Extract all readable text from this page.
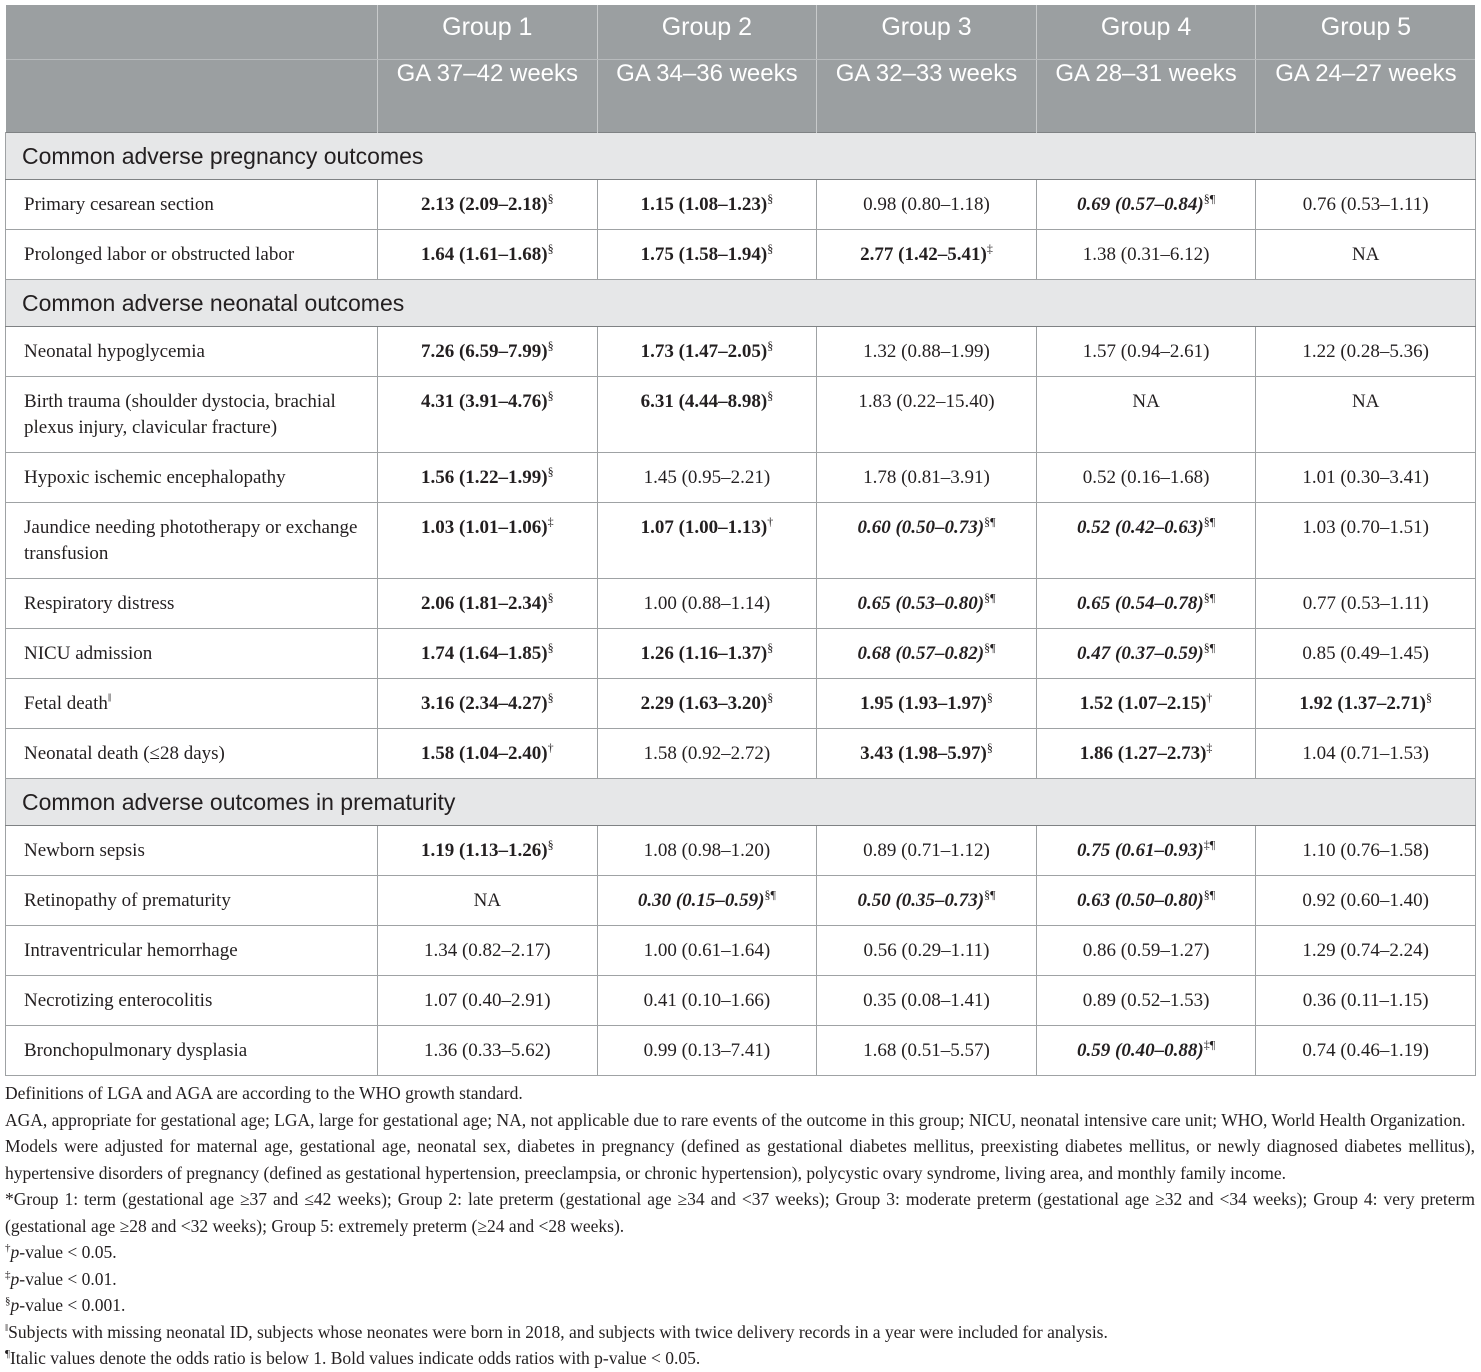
	Group 1	Group 2	Group 3	Group 4	Group 5
	GA 37–42 weeks	GA 34–36 weeks	GA 32–33 weeks	GA 28–31 weeks	GA 24–27 weeks
Common adverse pregnancy outcomes					
Primary cesarean section	2.13 (2.09–2.18)§	1.15 (1.08–1.23)§	0.98 (0.80–1.18)	0.69 (0.57–0.84)§¶	0.76 (0.53–1.11)
Prolonged labor or obstructed labor	1.64 (1.61–1.68)§	1.75 (1.58–1.94)§	2.77 (1.42–5.41)‡	1.38 (0.31–6.12)	NA
Common adverse neonatal outcomes					
Neonatal hypoglycemia	7.26 (6.59–7.99)§	1.73 (1.47–2.05)§	1.32 (0.88–1.99)	1.57 (0.94–2.61)	1.22 (0.28–5.36)
Birth trauma (shoulder dystocia, brachial plexus injury, clavicular fracture)	4.31 (3.91–4.76)§	6.31 (4.44–8.98)§	1.83 (0.22–15.40)	NA	NA
Hypoxic ischemic encephalopathy	1.56 (1.22–1.99)§	1.45 (0.95–2.21)	1.78 (0.81–3.91)	0.52 (0.16–1.68)	1.01 (0.30–3.41)
Jaundice needing phototherapy or exchange transfusion	1.03 (1.01–1.06)‡	1.07 (1.00–1.13)†	0.60 (0.50–0.73)§¶	0.52 (0.42–0.63)§¶	1.03 (0.70–1.51)
Respiratory distress	2.06 (1.81–2.34)§	1.00 (0.88–1.14)	0.65 (0.53–0.80)§¶	0.65 (0.54–0.78)§¶	0.77 (0.53–1.11)
NICU admission	1.74 (1.64–1.85)§	1.26 (1.16–1.37)§	0.68 (0.57–0.82)§¶	0.47 (0.37–0.59)§¶	0.85 (0.49–1.45)
Fetal death‖	3.16 (2.34–4.27)§	2.29 (1.63–3.20)§	1.95 (1.93–1.97)§	1.52 (1.07–2.15)†	1.92 (1.37–2.71)§
Neonatal death (≤28 days)	1.58 (1.04–2.40)†	1.58 (0.92–2.72)	3.43 (1.98–5.97)§	1.86 (1.27–2.73)‡	1.04 (0.71–1.53)
Common adverse outcomes in prematurity					
Newborn sepsis	1.19 (1.13–1.26)§	1.08 (0.98–1.20)	0.89 (0.71–1.12)	0.75 (0.61–0.93)‡¶	1.10 (0.76–1.58)
Retinopathy of prematurity	NA	0.30 (0.15–0.59)§¶	0.50 (0.35–0.73)§¶	0.63 (0.50–0.80)§¶	0.92 (0.60–1.40)
Intraventricular hemorrhage	1.34 (0.82–2.17)	1.00 (0.61–1.64)	0.56 (0.29–1.11)	0.86 (0.59–1.27)	1.29 (0.74–2.24)
Necrotizing enterocolitis	1.07 (0.40–2.91)	0.41 (0.10–1.66)	0.35 (0.08–1.41)	0.89 (0.52–1.53)	0.36 (0.11–1.15)
Bronchopulmonary dysplasia	1.36 (0.33–5.62)	0.99 (0.13–7.41)	1.68 (0.51–5.57)	0.59 (0.40–0.88)‡¶	0.74 (0.46–1.19)

Definitions of LGA and AGA are according to the WHO growth standard.

AGA, appropriate for gestational age; LGA, large for gestational age; NA, not applicable due to rare events of the outcome in this group; NICU, neonatal intensive care unit; WHO, World Health Organization.

Models were adjusted for maternal age, gestational age, neonatal sex, diabetes in pregnancy (defined as gestational diabetes mellitus, preexisting diabetes mellitus, or newly diagnosed diabetes mellitus), hypertensive disorders of pregnancy (defined as gestational hypertension, preeclampsia, or chronic hypertension), polycystic ovary syndrome, living area, and monthly family income.

*Group 1: term (gestational age ≥37 and ≤42 weeks); Group 2: late preterm (gestational age ≥34 and <37 weeks); Group 3: moderate preterm (gestational age ≥32 and <34 weeks); Group 4: very preterm (gestational age ≥28 and <32 weeks); Group 5: extremely preterm (≥24 and <28 weeks).

†p-value < 0.05.

‡p-value < 0.01.

§p-value < 0.001.

‖Subjects with missing neonatal ID, subjects whose neonates were born in 2018, and subjects with twice delivery records in a year were included for analysis.

¶Italic values denote the odds ratio is below 1. Bold values indicate odds ratios with p-value < 0.05.
